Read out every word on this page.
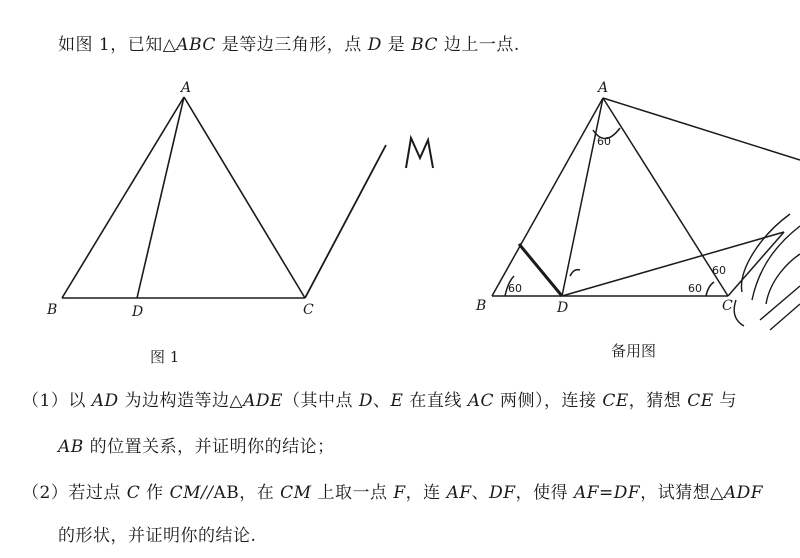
如图 1，已知△ABC 是等边三角形，点 D 是 BC 边上一点.
A
B	D	C
图 1
60
60	60
60
A
B	D	C
备用图
（1）以 AD 为边构造等边△ADE（其中点 D、E 在直线 AC 两侧），连接 CE，猜想 CE 与
AB 的位置关系，并证明你的结论；
（2）若过点 C 作 CM//AB，在 CM 上取一点 F，连 AF、DF，使得 AF=DF，试猜想△ADF
的形状，并证明你的结论.
